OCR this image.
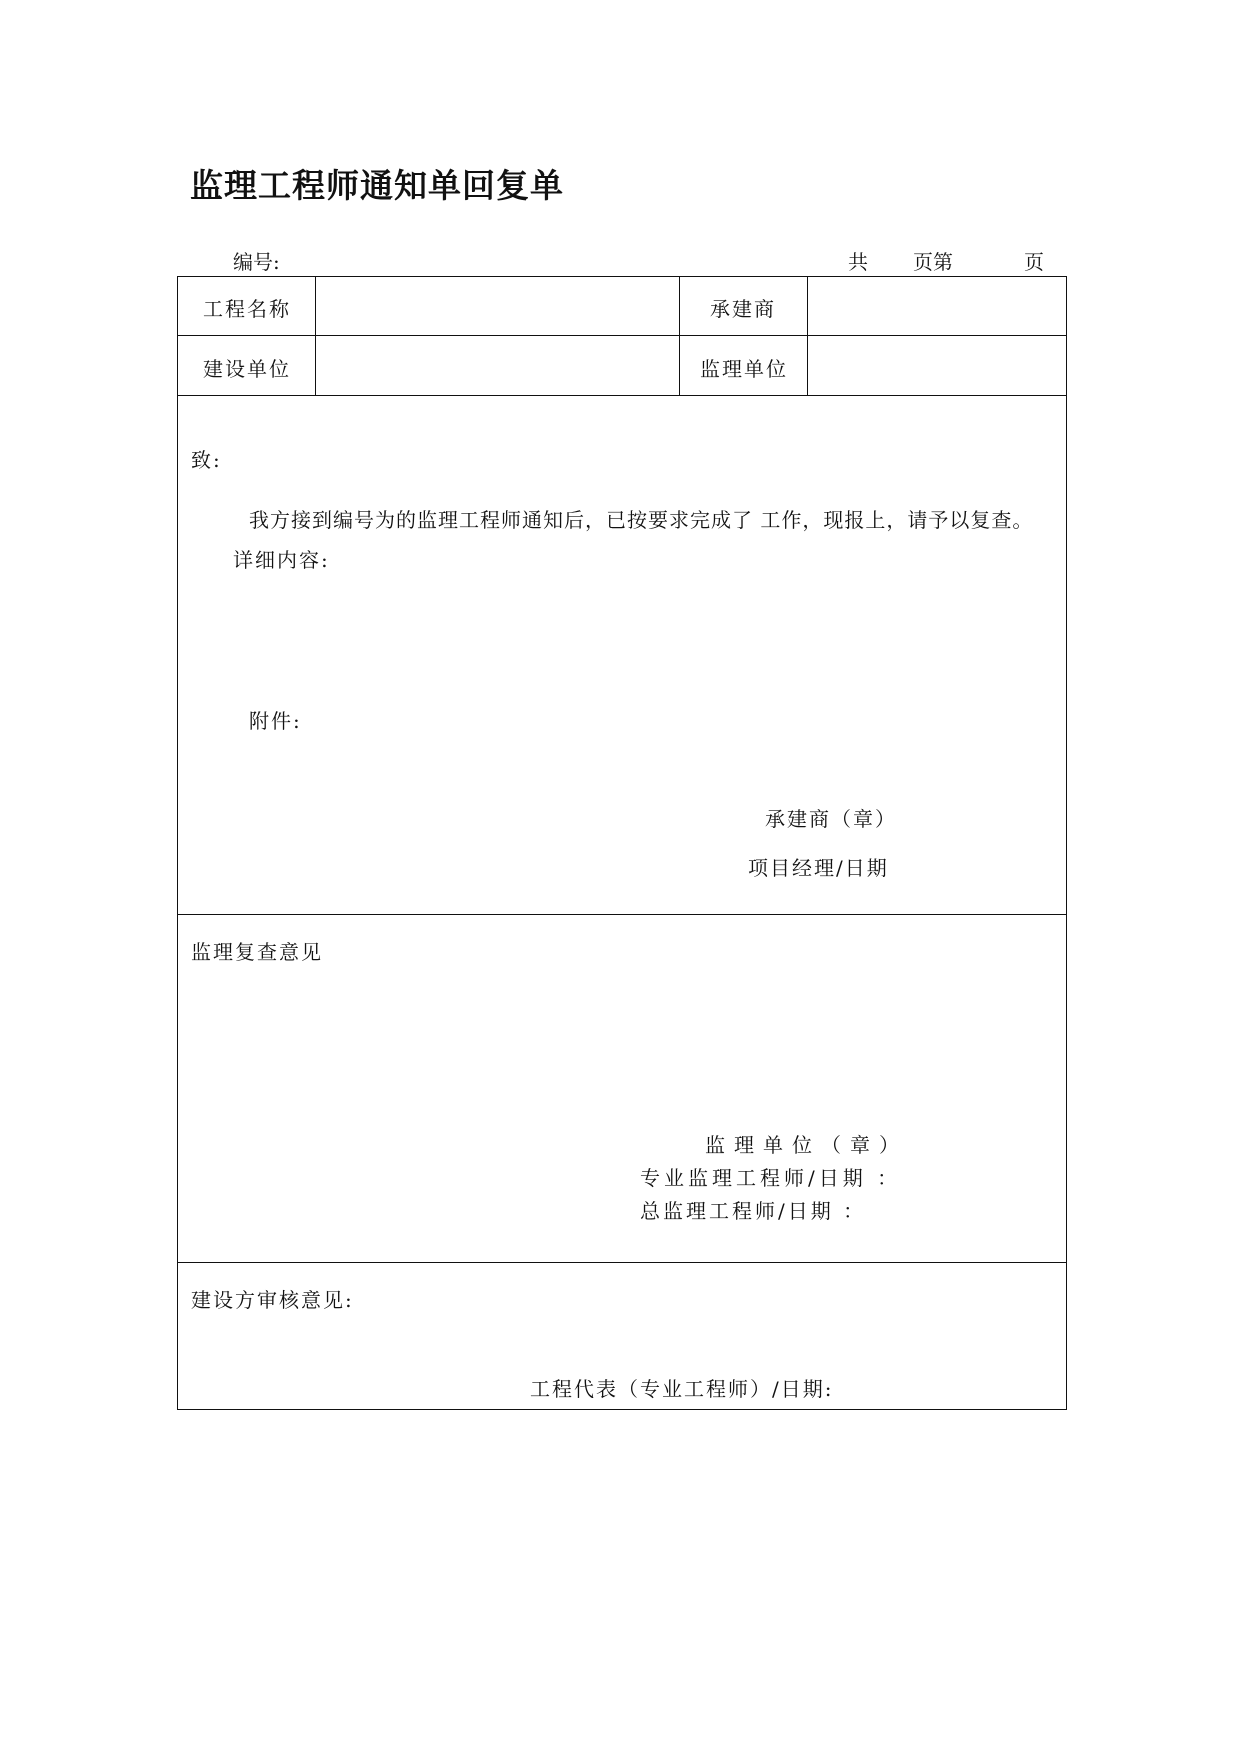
监理工程师通知单回复单
编号:	共 页第	页
工程名称	承建商
建设单位	监理单位
致:
我方接到编号为的监理工程师通知后，已按要求完成了 工作，现报上，请予以复查。
详细内容:
附件:
承建商（章）
项目经理/日期
监理复查意见
监理单位（章）
专业监理工程师/日期 ：
总监理工程师/日期 ：
建设方审核意见:
工程代表（专业工程师）/日期:
